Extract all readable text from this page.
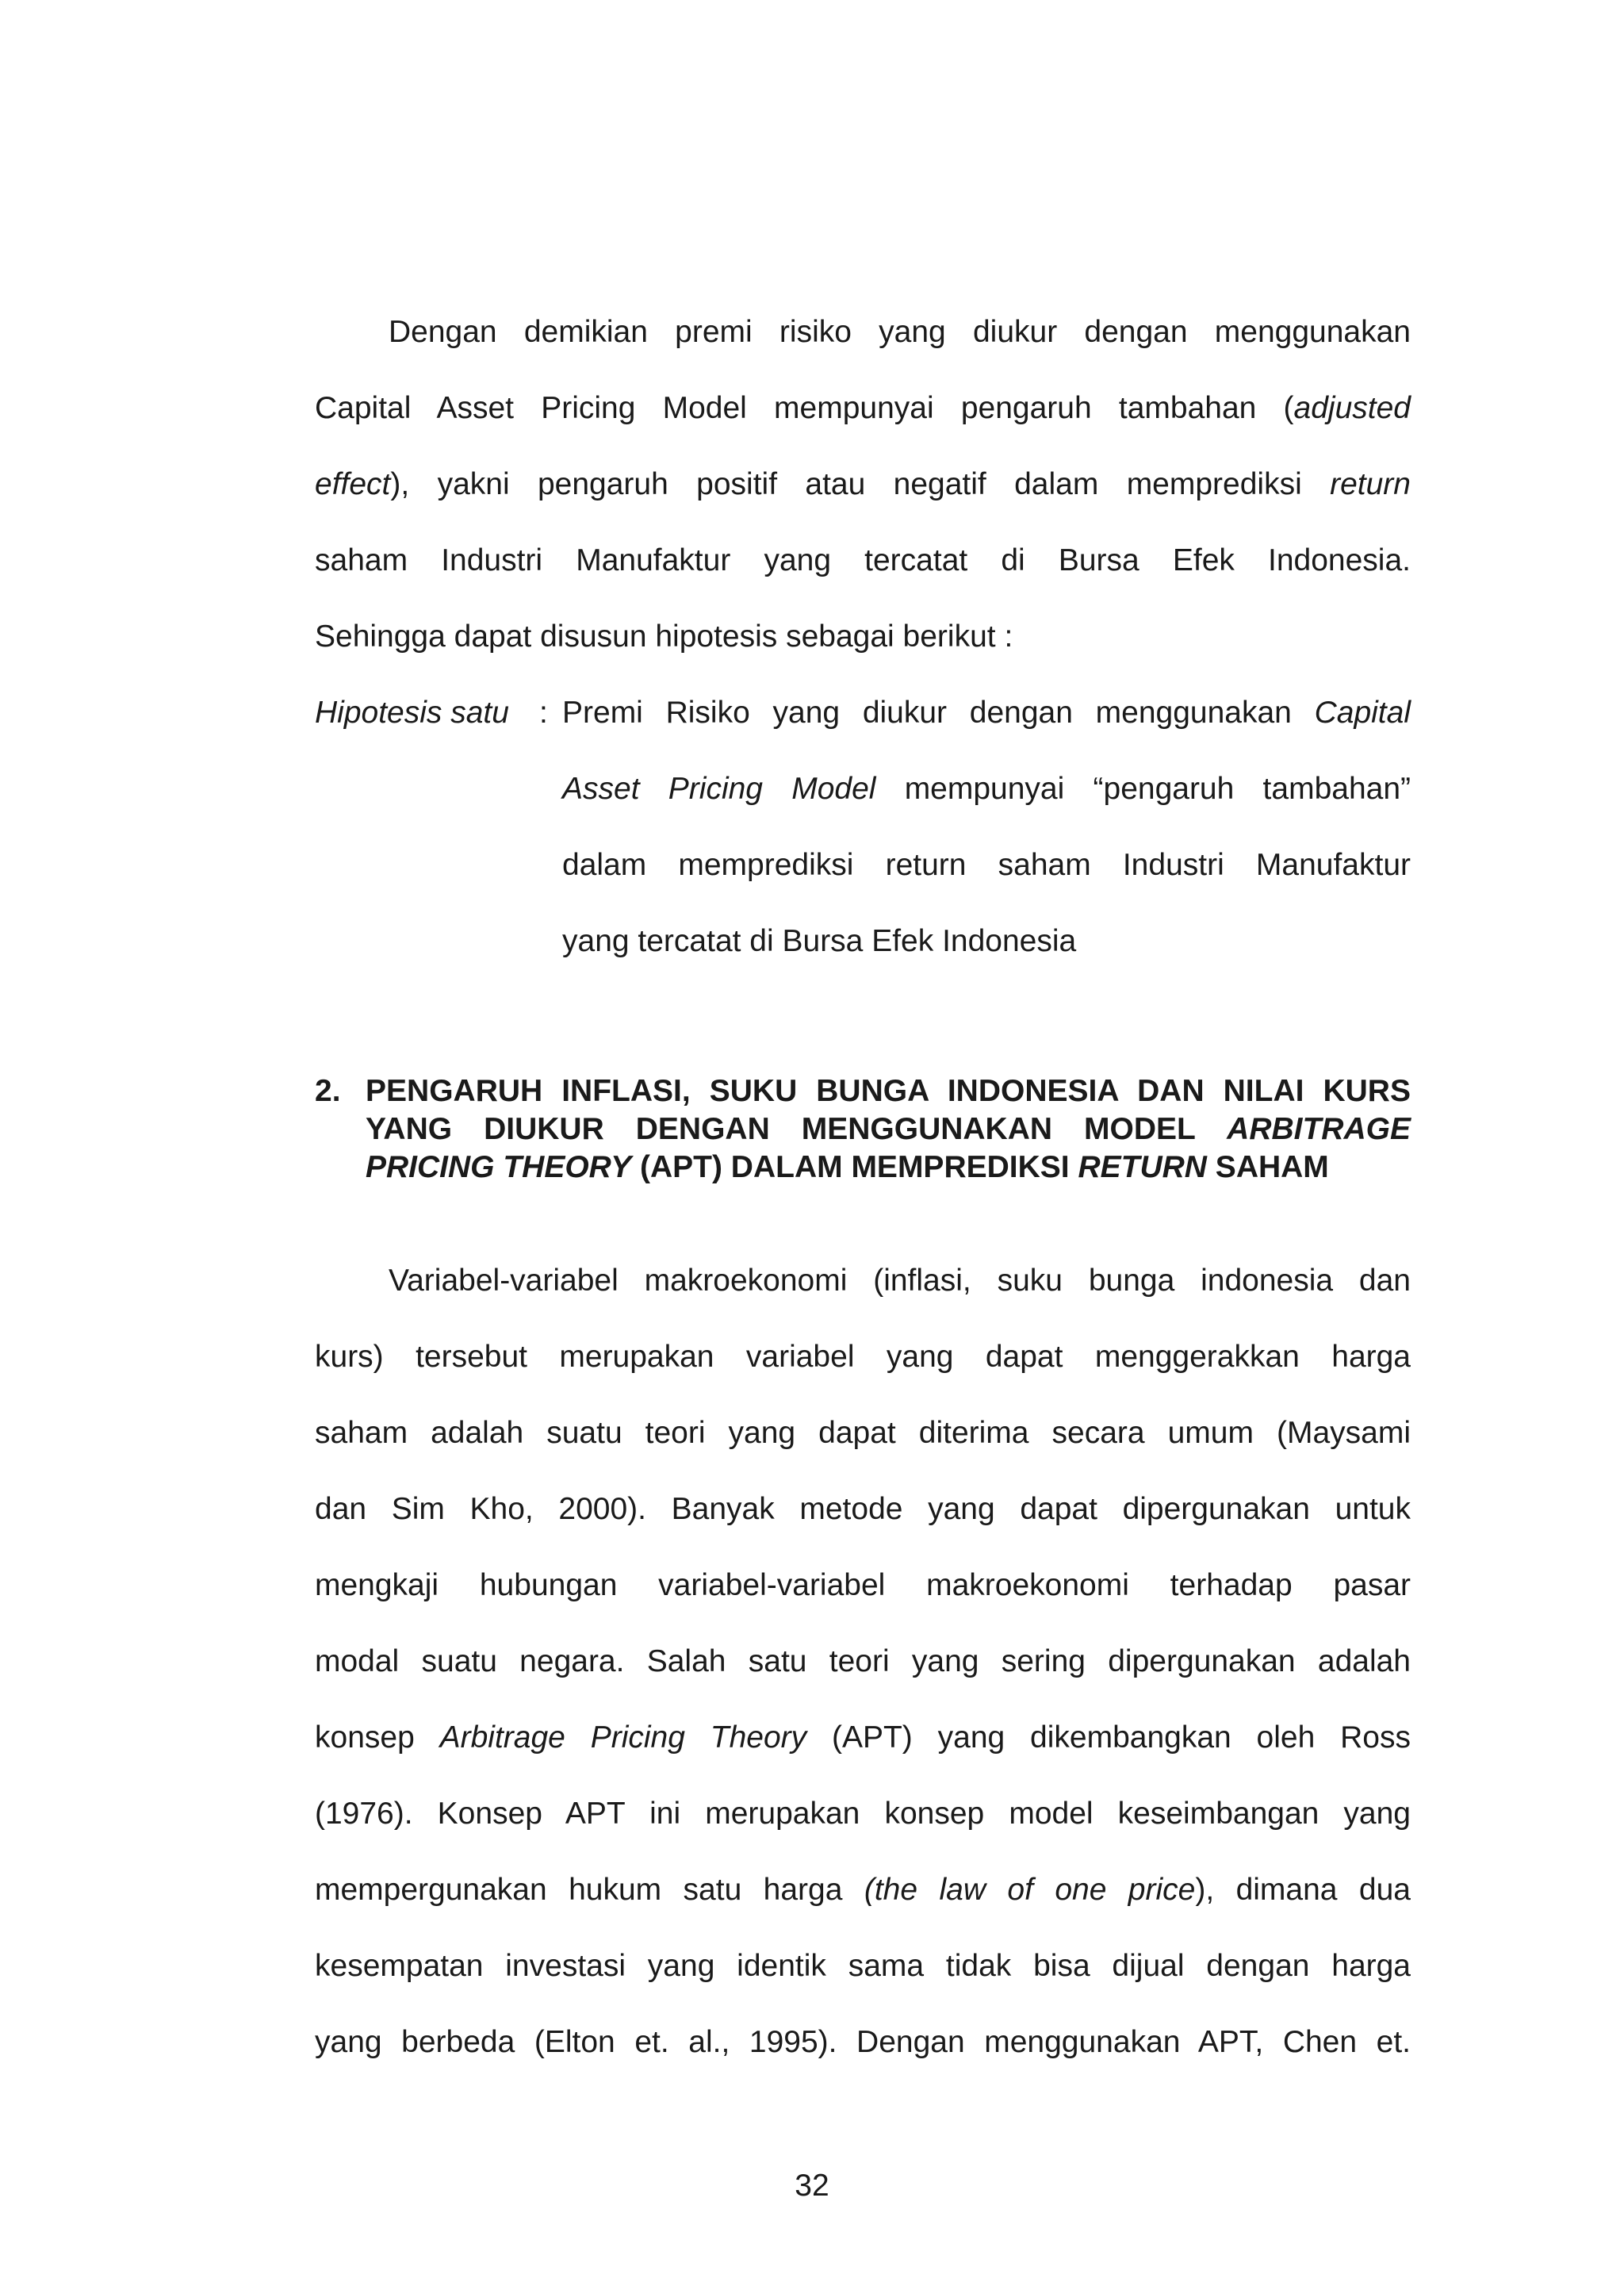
Dengan demikian premi risiko yang diukur dengan menggunakan
Capital Asset Pricing Model mempunyai pengaruh tambahan (adjusted
effect), yakni pengaruh positif atau negatif dalam memprediksi return
saham Industri Manufaktur yang tercatat di Bursa Efek Indonesia.
Sehingga dapat disusun hipotesis sebagai berikut :
Hipotesis satu : Premi Risiko yang diukur dengan menggunakan Capital
Asset Pricing Model mempunyai “pengaruh tambahan”
dalam memprediksi return saham Industri Manufaktur
yang tercatat di Bursa Efek Indonesia
2. PENGARUH INFLASI, SUKU BUNGA INDONESIA DAN NILAI KURS
YANG DIUKUR DENGAN MENGGUNAKAN MODEL ARBITRAGE
PRICING THEORY (APT) DALAM MEMPREDIKSI RETURN SAHAM
Variabel-variabel makroekonomi (inflasi, suku bunga indonesia dan
kurs) tersebut merupakan variabel yang dapat menggerakkan harga
saham adalah suatu teori yang dapat diterima secara umum (Maysami
dan Sim Kho, 2000). Banyak metode yang dapat dipergunakan untuk
mengkaji hubungan variabel-variabel makroekonomi terhadap pasar
modal suatu negara. Salah satu teori yang sering dipergunakan adalah
konsep Arbitrage Pricing Theory (APT) yang dikembangkan oleh Ross
(1976). Konsep APT ini merupakan konsep model keseimbangan yang
mempergunakan hukum satu harga (the law of one price), dimana dua
kesempatan investasi yang identik sama tidak bisa dijual dengan harga
yang berbeda (Elton et. al., 1995). Dengan menggunakan APT, Chen et.
32
